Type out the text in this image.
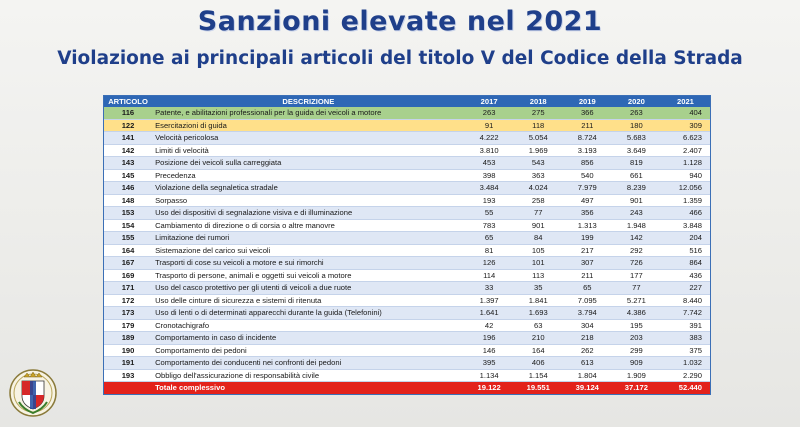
Sanzioni elevate nel 2021
Violazione ai principali articoli del titolo V del Codice della Strada
ARTICOLO	DESCRIZIONE	2017	2018	2019	2020	2021
116	Patente, e abilitazioni professionali per la guida dei veicoli a motore	263	275	366	263	404
122	Esercitazioni di guida	91	118	211	180	309
141	Velocità pericolosa	4.222	5.054	8.724	5.683	6.623
142	Limiti di velocità	3.810	1.969	3.193	3.649	2.407
143	Posizione dei veicoli sulla carreggiata	453	543	856	819	1.128
145	Precedenza	398	363	540	661	940
146	Violazione della segnaletica stradale	3.484	4.024	7.979	8.239	12.056
148	Sorpasso	193	258	497	901	1.359
153	Uso dei dispositivi di segnalazione visiva e di illuminazione	55	77	356	243	466
154	Cambiamento di direzione o di corsia o altre manovre	783	901	1.313	1.948	3.848
155	Limitazione dei rumori	65	84	199	142	204
164	Sistemazione del carico sui veicoli	81	105	217	292	516
167	Trasporti di cose su veicoli a motore e sui rimorchi	126	101	307	726	864
169	Trasporto di persone, animali e oggetti sui veicoli a motore	114	113	211	177	436
171	Uso del casco protettivo per gli utenti di veicoli a due ruote	33	35	65	77	227
172	Uso delle cinture di sicurezza e sistemi di ritenuta	1.397	1.841	7.095	5.271	8.440
173	Uso di lenti o di determinati apparecchi durante la guida (Telefonini)	1.641	1.693	3.794	4.386	7.742
179	Cronotachigrafo	42	63	304	195	391
189	Comportamento in caso di incidente	196	210	218	203	383
190	Comportamento dei pedoni	146	164	262	299	375
191	Comportamento dei conducenti nei confronti dei pedoni	395	406	613	909	1.032
193	Obbligo dell'assicurazione di responsabilità civile	1.134	1.154	1.804	1.909	2.290
	Totale complessivo	19.122	19.551	39.124	37.172	52.440
